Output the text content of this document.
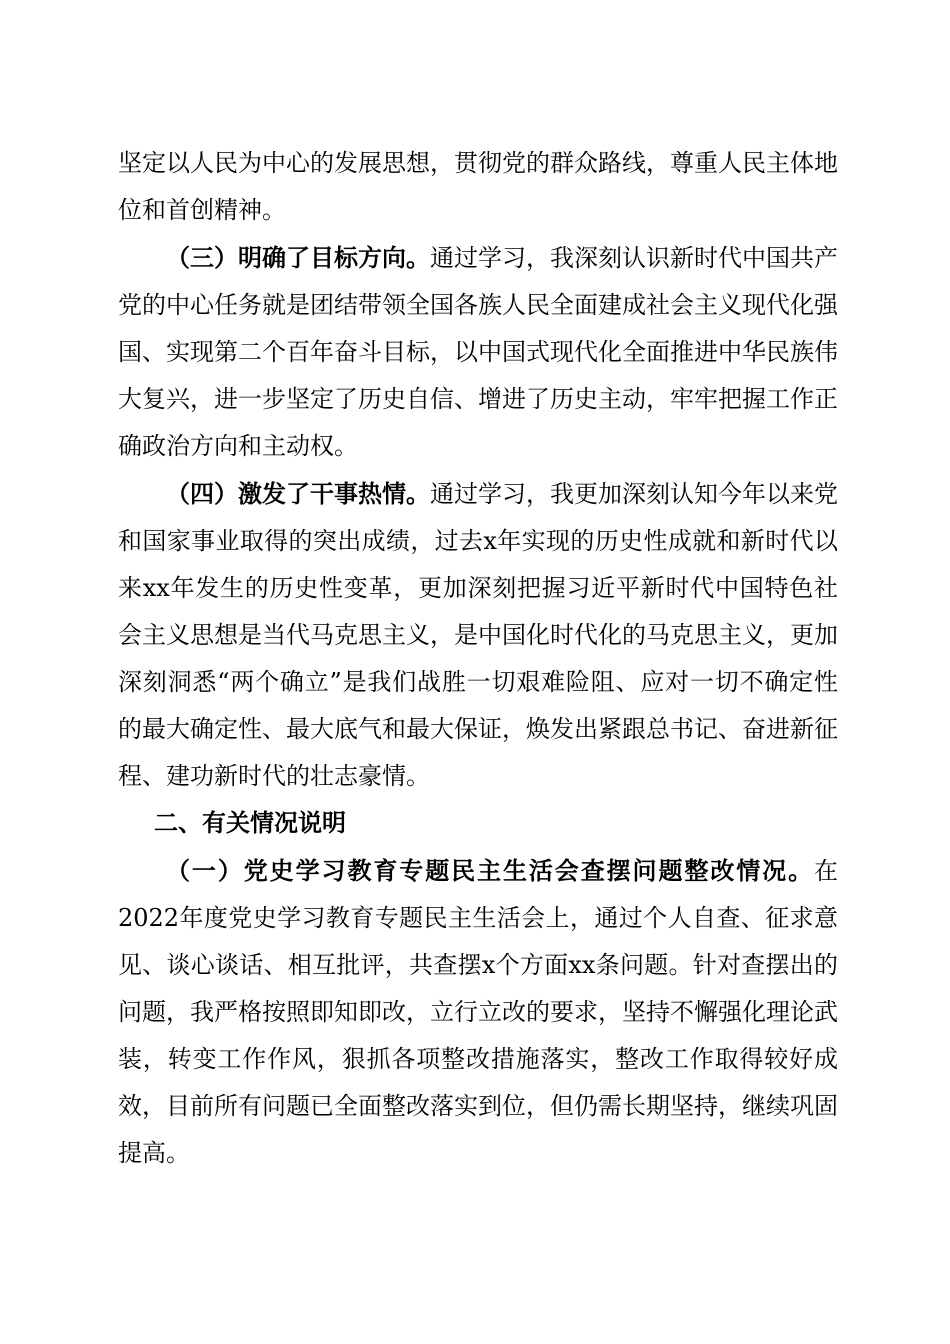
坚定以人民为中心的发展思想，贯彻党的群众路线，尊重人民主体地位和首创精神。

（三）明确了目标方向。通过学习，我深刻认识新时代中国共产党的中心任务就是团结带领全国各族人民全面建成社会主义现代化强国、实现第二个百年奋斗目标，以中国式现代化全面推进中华民族伟大复兴，进一步坚定了历史自信、增进了历史主动，牢牢把握工作正确政治方向和主动权。

（四）激发了干事热情。通过学习，我更加深刻认知今年以来党和国家事业取得的突出成绩，过去x年实现的历史性成就和新时代以来xx年发生的历史性变革，更加深刻把握习近平新时代中国特色社会主义思想是当代马克思主义，是中国化时代化的马克思主义，更加深刻洞悉“两个确立”是我们战胜一切艰难险阻、应对一切不确定性的最大确定性、最大底气和最大保证，焕发出紧跟总书记、奋进新征程、建功新时代的壮志豪情。

二、有关情况说明

（一）党史学习教育专题民主生活会查摆问题整改情况。在2022年度党史学习教育专题民主生活会上，通过个人自查、征求意见、谈心谈话、相互批评，共查摆x个方面xx条问题。针对查摆出的问题，我严格按照即知即改，立行立改的要求，坚持不懈强化理论武装，转变工作作风，狠抓各项整改措施落实，整改工作取得较好成效，目前所有问题已全面整改落实到位，但仍需长期坚持，继续巩固提高。
